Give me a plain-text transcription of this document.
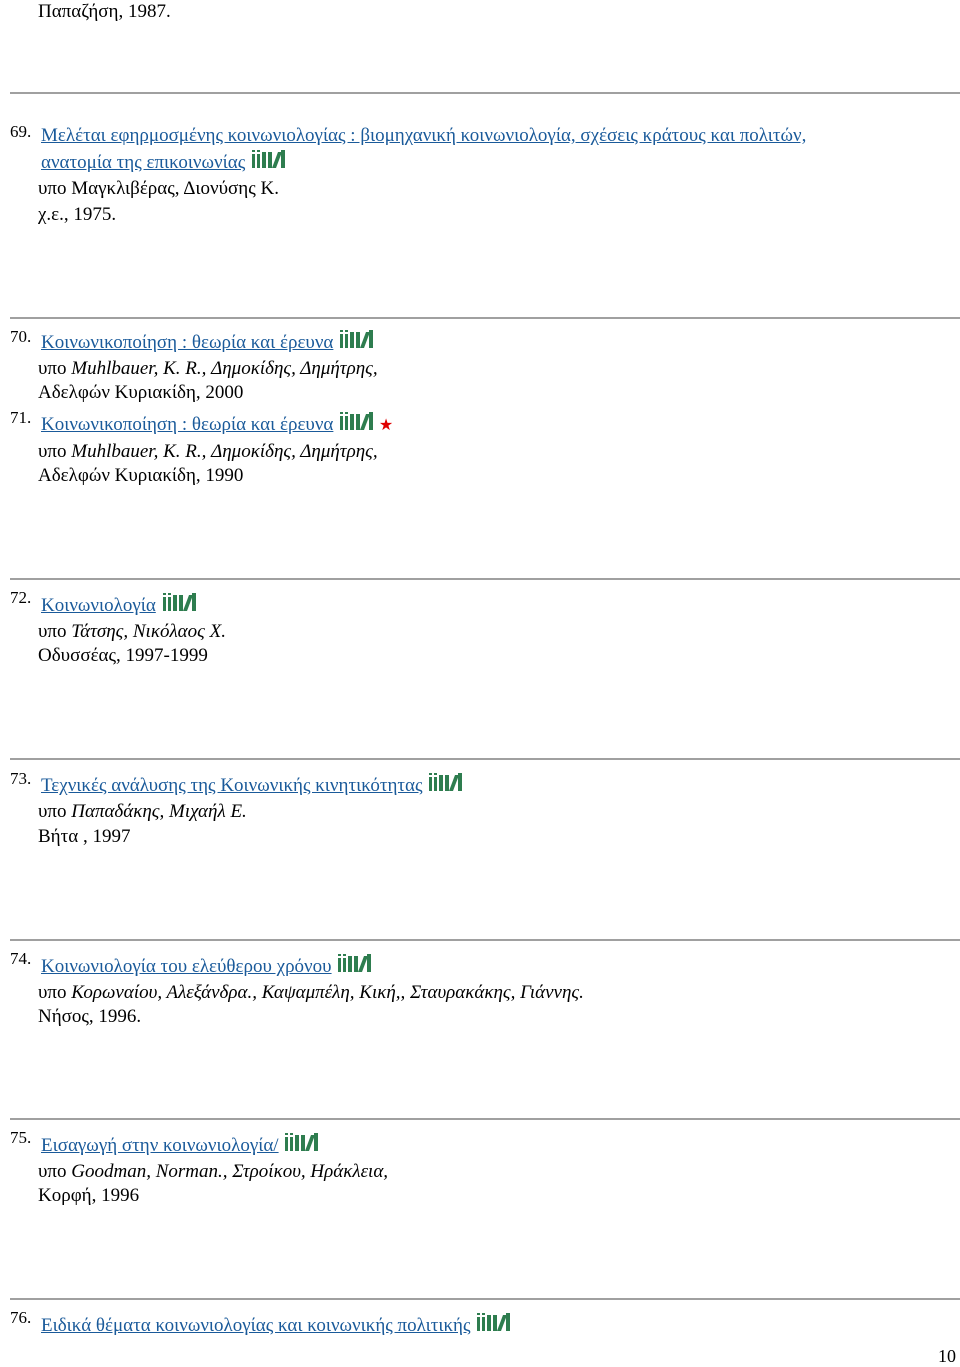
Παπαζήση, 1987.
69. Μελέται εφηρμοσμένης κοινωνιολογίας : βιομηχανική κοινωνιολογία, σχέσεις κράτους και πολιτών,
ανατομία της επικοινωνίας
υπο Μαγκλιβέρας, Διονύσης Κ.
χ.ε., 1975.
70. Κοινωνικοποίηση : θεωρία και έρευνα
υπο Muhlbauer, K. R., Δημοκίδης, Δημήτρης,
Αδελφών Κυριακίδη, 2000
71. Κοινωνικοποίηση : θεωρία και έρευνα	★
υπο Muhlbauer, K. R., Δημοκίδης, Δημήτρης,
Αδελφών Κυριακίδη, 1990
72. Κοινωνιολογία
υπο Τάτσης, Νικόλαος Χ.
Οδυσσέας, 1997-1999
73. Τεχνικές ανάλυσης της Κοινωνικής κινητικότητας
υπο Παπαδάκης, Μιχαήλ Ε.
Βήτα , 1997
74. Κοινωνιολογία του ελεύθερου χρόνου
υπο Κορωναίου, Αλεξάνδρα., Καψαμπέλη, Κική,, Σταυρακάκης, Γιάννης.
Νήσος, 1996.
75. Εισαγωγή στην κοινωνιολογία/
υπο Goodman, Norman., Στροίκου, Ηράκλεια,
Κορφή, 1996
76. Ειδικά θέματα κοινωνιολογίας και κοινωνικής πολιτικής
10
